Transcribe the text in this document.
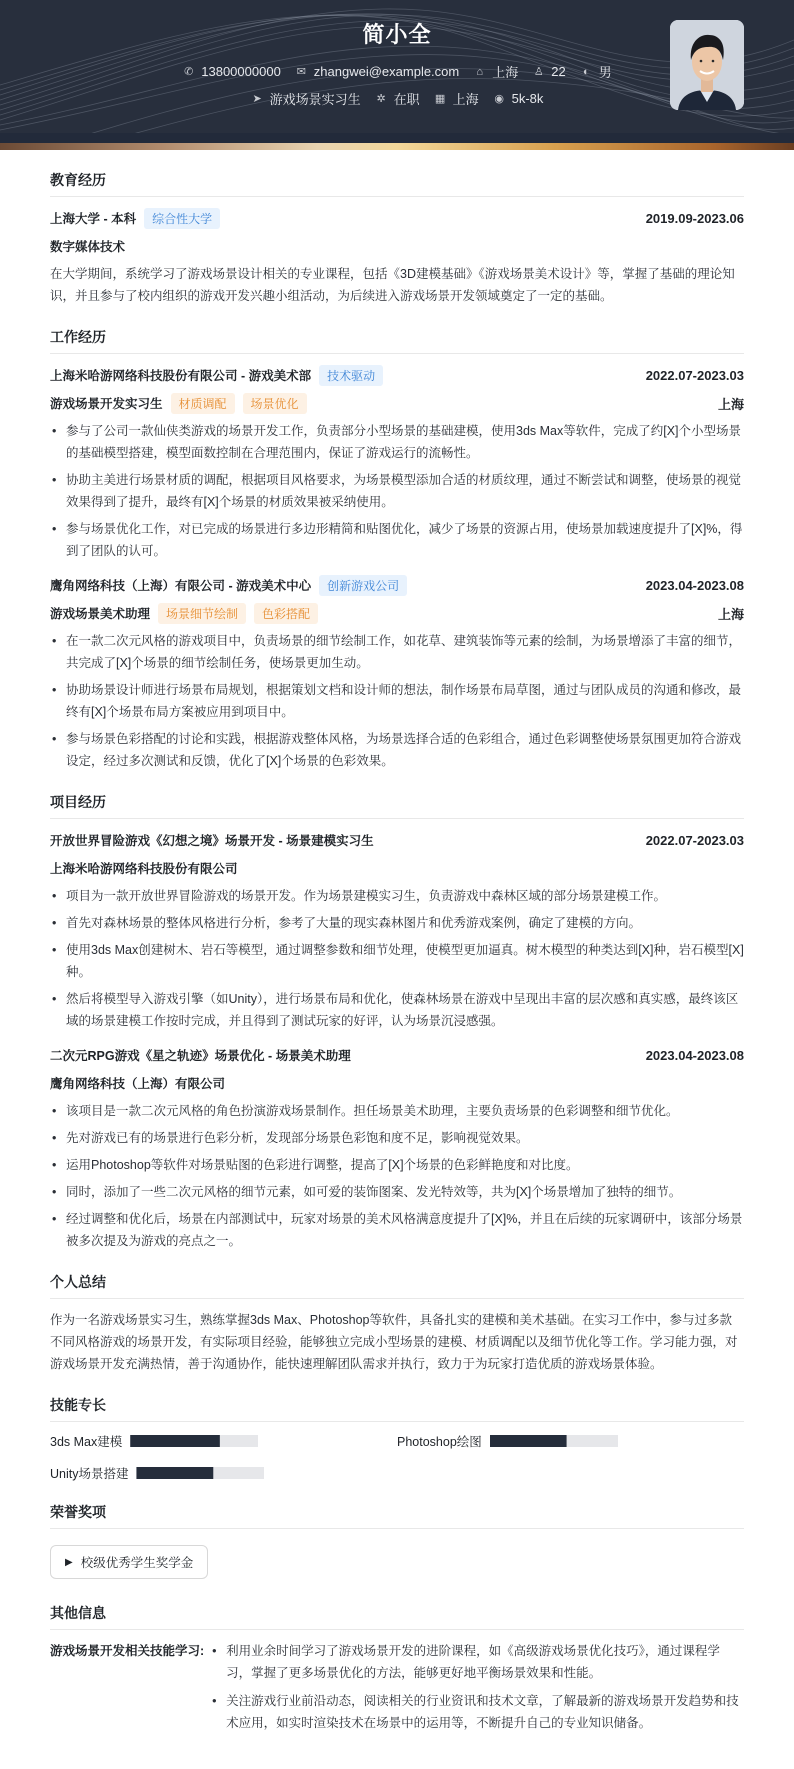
简小全
✆ 13800000000 ✉ zhangwei@example.com ⌂ 上海 ♙ 22 ◐ 男
➤ 游戏场景实习生 ✲ 在职 ▦ 上海 ◉ 5k-8k
教育经历
上海大学 - 本科	综合性大学	2019.09-2023.06
数字媒体技术
在大学期间，系统学习了游戏场景设计相关的专业课程，包括《3D建模基础》《游戏场景美术设计》等，掌握了基础的理论知识，并且参与了校内组织的游戏开发兴趣小组活动，为后续进入游戏场景开发领域奠定了一定的基础。
工作经历
上海米哈游网络科技股份有限公司 - 游戏美术部	技术驱动	2022.07-2023.03
游戏场景开发实习生	材质调配	场景优化	上海
• 参与了公司一款仙侠类游戏的场景开发工作，负责部分小型场景的基础建模，使用3ds Max等软件，完成了约[X]个小型场景的基础模型搭建，模型面数控制在合理范围内，保证了游戏运行的流畅性。
• 协助主美进行场景材质的调配，根据项目风格要求，为场景模型添加合适的材质纹理，通过不断尝试和调整，使场景的视觉效果得到了提升，最终有[X]个场景的材质效果被采纳使用。
• 参与场景优化工作，对已完成的场景进行多边形精简和贴图优化，减少了场景的资源占用，使场景加载速度提升了[X]%，得到了团队的认可。
鹰角网络科技（上海）有限公司 - 游戏美术中心	创新游戏公司	2023.04-2023.08
游戏场景美术助理	场景细节绘制	色彩搭配	上海
• 在一款二次元风格的游戏项目中，负责场景的细节绘制工作，如花草、建筑装饰等元素的绘制，为场景增添了丰富的细节，共完成了[X]个场景的细节绘制任务，使场景更加生动。
• 协助场景设计师进行场景布局规划，根据策划文档和设计师的想法，制作场景布局草图，通过与团队成员的沟通和修改，最终有[X]个场景布局方案被应用到项目中。
• 参与场景色彩搭配的讨论和实践，根据游戏整体风格，为场景选择合适的色彩组合，通过色彩调整使场景氛围更加符合游戏设定，经过多次测试和反馈，优化了[X]个场景的色彩效果。
项目经历
开放世界冒险游戏《幻想之境》场景开发 - 场景建模实习生	2022.07-2023.03
上海米哈游网络科技股份有限公司
• 项目为一款开放世界冒险游戏的场景开发。作为场景建模实习生，负责游戏中森林区域的部分场景建模工作。
• 首先对森林场景的整体风格进行分析，参考了大量的现实森林图片和优秀游戏案例，确定了建模的方向。
• 使用3ds Max创建树木、岩石等模型，通过调整参数和细节处理，使模型更加逼真。树木模型的种类达到[X]种，岩石模型[X]种。
• 然后将模型导入游戏引擎（如Unity），进行场景布局和优化，使森林场景在游戏中呈现出丰富的层次感和真实感，最终该区域的场景建模工作按时完成，并且得到了测试玩家的好评，认为场景沉浸感强。
二次元RPG游戏《星之轨迹》场景优化 - 场景美术助理	2023.04-2023.08
鹰角网络科技（上海）有限公司
• 该项目是一款二次元风格的角色扮演游戏场景制作。担任场景美术助理，主要负责场景的色彩调整和细节优化。
• 先对游戏已有的场景进行色彩分析，发现部分场景色彩饱和度不足，影响视觉效果。
• 运用Photoshop等软件对场景贴图的色彩进行调整，提高了[X]个场景的色彩鲜艳度和对比度。
• 同时，添加了一些二次元风格的细节元素，如可爱的装饰图案、发光特效等，共为[X]个场景增加了独特的细节。
• 经过调整和优化后，场景在内部测试中，玩家对场景的美术风格满意度提升了[X]%，并且在后续的玩家调研中，该部分场景被多次提及为游戏的亮点之一。
个人总结
作为一名游戏场景实习生，熟练掌握3ds Max、Photoshop等软件，具备扎实的建模和美术基础。在实习工作中，参与过多款不同风格游戏的场景开发，有实际项目经验，能够独立完成小型场景的建模、材质调配以及细节优化等工作。学习能力强，对游戏场景开发充满热情，善于沟通协作，能快速理解团队需求并执行，致力于为玩家打造优质的游戏场景体验。
技能专长
3ds Max建模	Photoshop绘图
Unity场景搭建
荣誉奖项
▶ 校级优秀学生奖学金
其他信息
游戏场景开发相关技能学习:	• 利用业余时间学习了游戏场景开发的进阶课程，如《高级游戏场景优化技巧》，通过课程学习，掌握了更多场景优化的方法，能够更好地平衡场景效果和性能。
• 关注游戏行业前沿动态，阅读相关的行业资讯和技术文章，了解最新的游戏场景开发趋势和技术应用，如实时渲染技术在场景中的运用等，不断提升自己的专业知识储备。
